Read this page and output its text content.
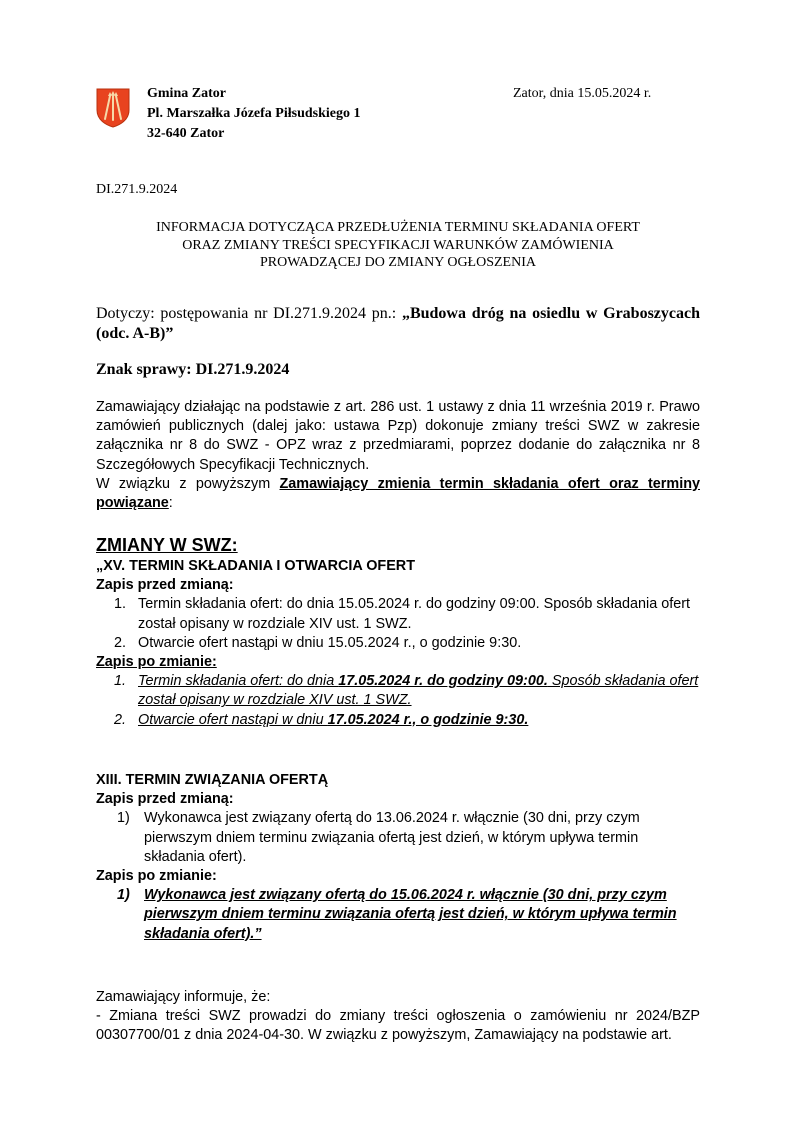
Gmina Zator
Pl. Marszałka Józefa Piłsudskiego 1
32-640 Zator
Zator, dnia 15.05.2024 r.
DI.271.9.2024
INFORMACJA DOTYCZĄCA PRZEDŁUŻENIA TERMINU SKŁADANIA OFERT
ORAZ ZMIANY TREŚCI SPECYFIKACJI WARUNKÓW ZAMÓWIENIA
PROWADZĄCEJ DO ZMIANY OGŁOSZENIA
Dotyczy: postępowania nr DI.271.9.2024 pn.: „Budowa dróg na osiedlu w Graboszycach (odc. A-B)”
Znak sprawy: DI.271.9.2024

Zamawiający działając na podstawie z art. 286 ust. 1 ustawy z dnia 11 września 2019 r. Prawo zamówień publicznych (dalej jako: ustawa Pzp) dokonuje zmiany treści SWZ w zakresie załącznika nr 8 do SWZ - OPZ wraz z przedmiarami, poprzez dodanie do załącznika nr 8 Szczegółowych Specyfikacji Technicznych.

W związku z powyższym Zamawiający zmienia termin składania ofert oraz terminy powiązane:

ZMIANY W SWZ:
„XV. TERMIN SKŁADANIA I OTWARCIA OFERT
Zapis przed zmianą:
1. Termin składania ofert: do dnia 15.05.2024 r. do godziny 09:00. Sposób składania ofert został opisany w rozdziale XIV ust. 1 SWZ.
2. Otwarcie ofert nastąpi w dniu 15.05.2024 r., o godzinie 9:30.
Zapis po zmianie:
1. Termin składania ofert: do dnia 17.05.2024 r. do godziny 09:00. Sposób składania ofert został opisany w rozdziale XIV ust. 1 SWZ.
2. Otwarcie ofert nastąpi w dniu 17.05.2024 r., o godzinie 9:30.
XIII. TERMIN ZWIĄZANIA OFERTĄ
Zapis przed zmianą:
1) Wykonawca jest związany ofertą do 13.06.2024 r. włącznie (30 dni, przy czym pierwszym dniem terminu związania ofertą jest dzień, w którym upływa termin składania ofert).
Zapis po zmianie:
1) Wykonawca jest związany ofertą do 15.06.2024 r. włącznie (30 dni, przy czym pierwszym dniem terminu związania ofertą jest dzień, w którym upływa termin składania ofert).”

Zamawiający informuje, że:

- Zmiana treści SWZ prowadzi do zmiany treści ogłoszenia o zamówieniu nr 2024/BZP 00307700/01 z dnia 2024-04-30. W związku z powyższym, Zamawiający na podstawie art.
